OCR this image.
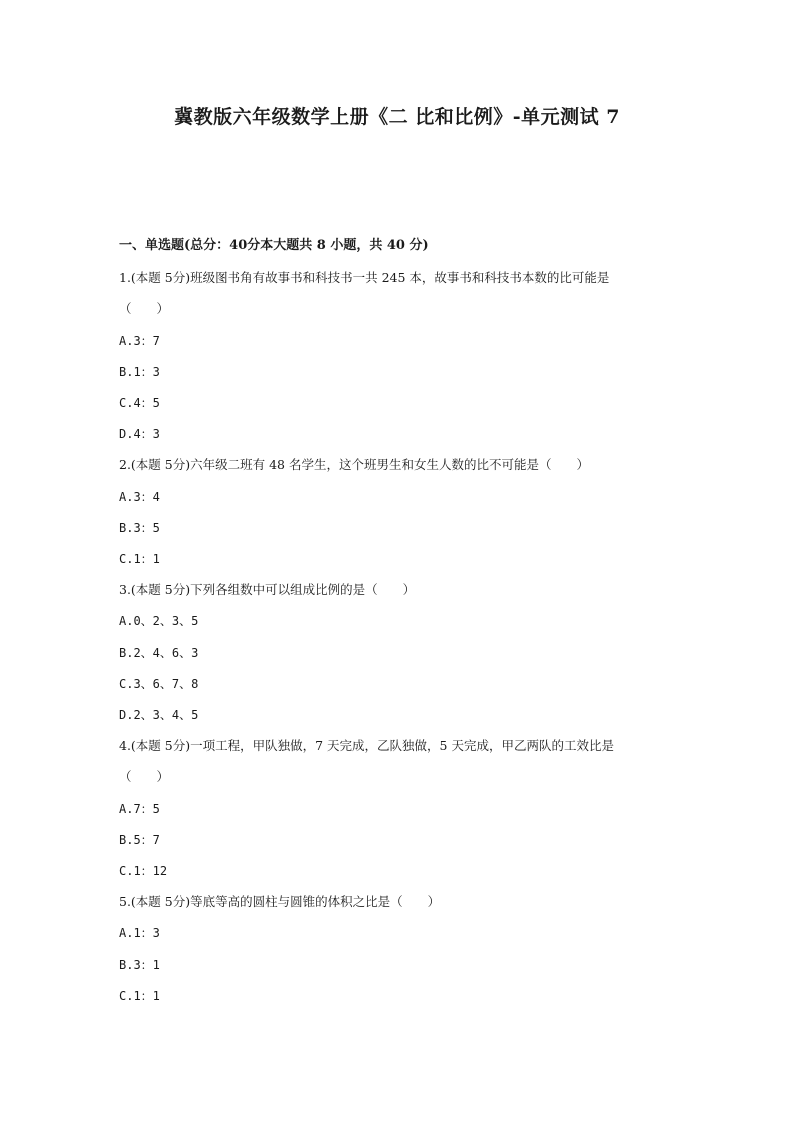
冀教版六年级数学上册《二 比和比例》-单元测试 7
一、单选题(总分：40分本大题共 8 小题，共 40 分)
1.(本题 5分)班级图书角有故事书和科技书一共 245 本，故事书和科技书本数的比可能是
（　　）
A.3：7
B.1：3
C.4：5
D.4：3
2.(本题 5分)六年级二班有 48 名学生，这个班男生和女生人数的比不可能是（　　）
A.3：4
B.3：5
C.1：1
3.(本题 5分)下列各组数中可以组成比例的是（　　）
A.0、2、3、5
B.2、4、6、3
C.3、6、7、8
D.2、3、4、5
4.(本题 5分)一项工程，甲队独做，7 天完成，乙队独做，5 天完成，甲乙两队的工效比是
（　　）
A.7：5
B.5：7
C.1：12
5.(本题 5分)等底等高的圆柱与圆锥的体积之比是（　　）
A.1：3
B.3：1
C.1：1
